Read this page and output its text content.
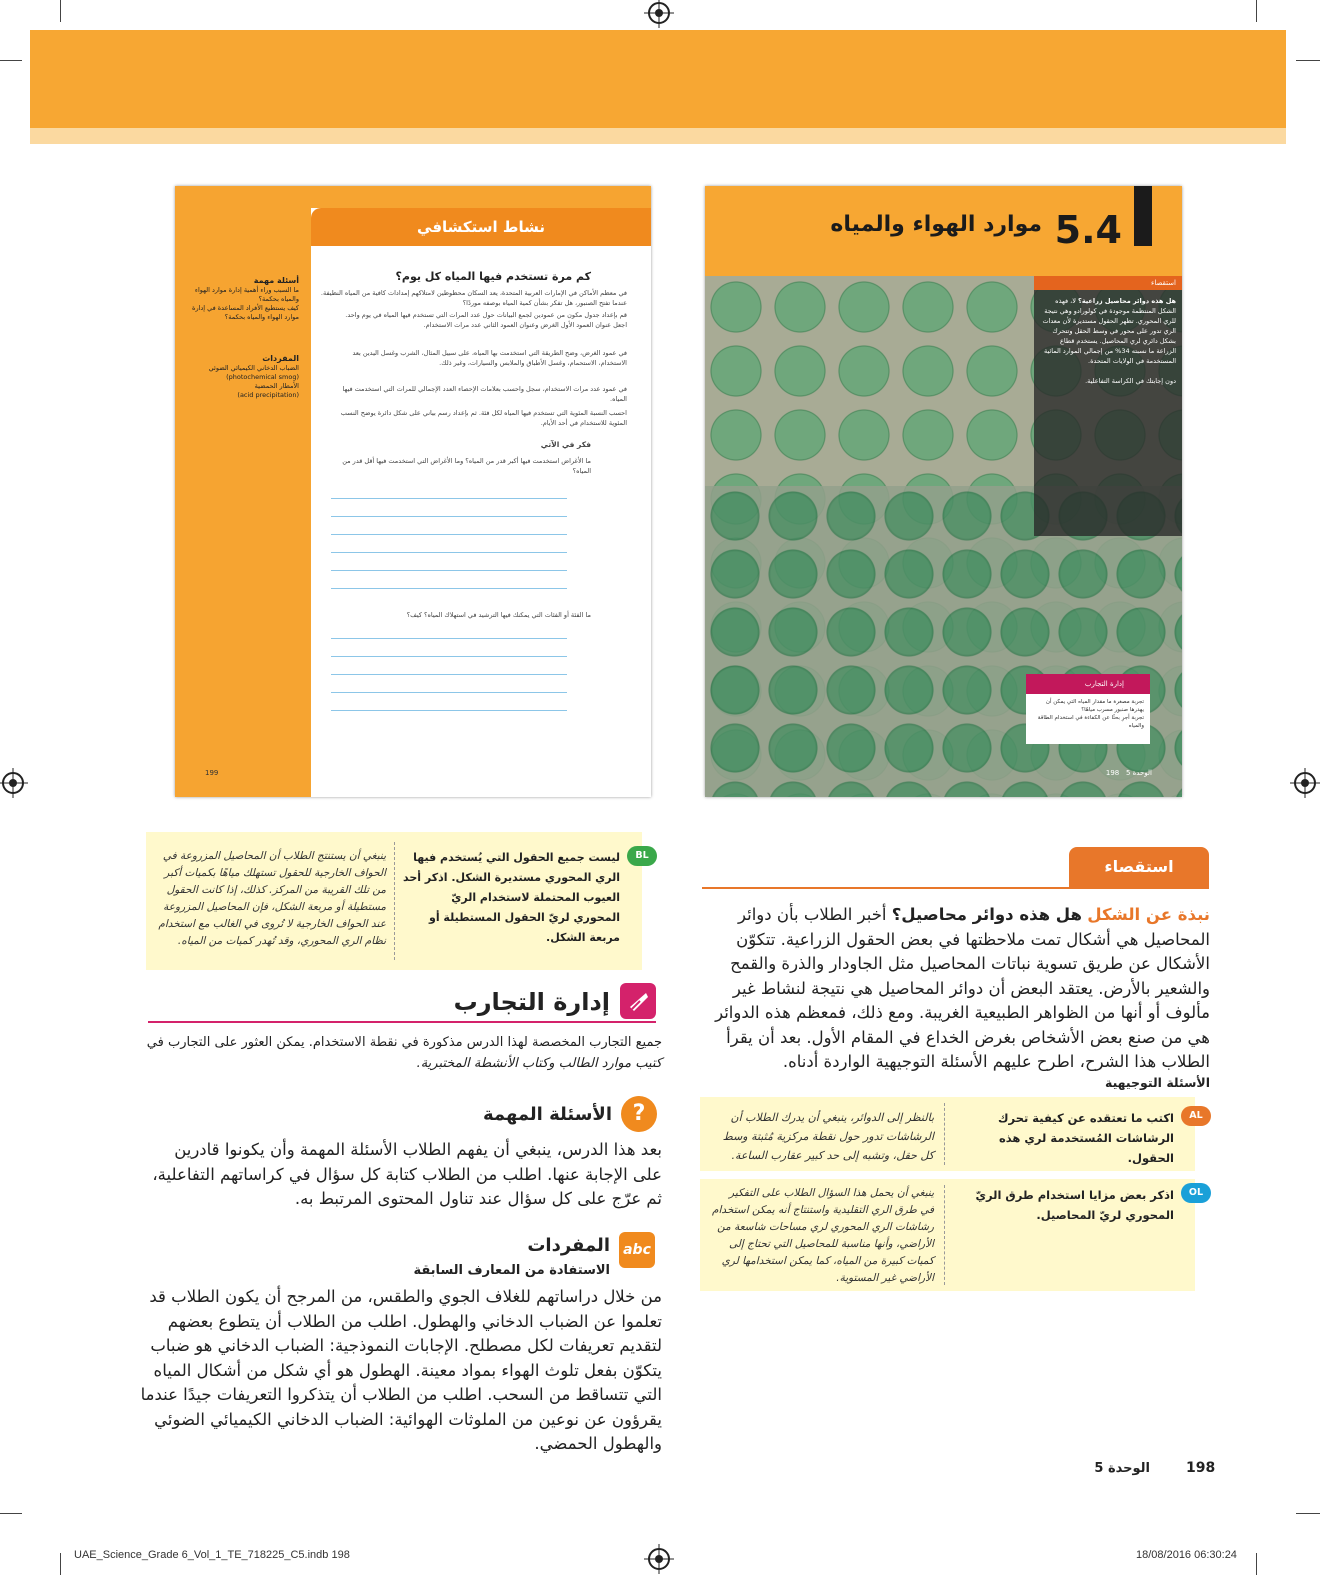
نشاط استكشافي
كم مرة تستخدم فيها المياه كل يوم؟
في معظم الأماكن في الإمارات العربية المتحدة، يعد السكان محظوظين لامتلاكهم إمدادات كافية من المياه النظيفة. عندما تفتح الصنبور، هل تفكر بشأن كمية المياه بوصفه موردًا؟
قم بإعداد جدول مكون من عمودين لجمع البيانات حول عدد المرات التي تستخدم فيها المياه في يوم واحد. اجعل عنوان العمود الأول الغرض وعنوان العمود الثاني عدد مرات الاستخدام.
في عمود الغرض، وضح الطريقة التي استخدمت بها المياه، على سبيل المثال، الشرب وغسل اليدين بعد الاستخدام، الاستحمام، وغسل الأطباق والملابس والسيارات، وغير ذلك.
في عمود عدد مرات الاستخدام، سجل واحسب بعلامات الإحصاء العدد الإجمالي للمرات التي استخدمت فيها المياه.
احسب النسبة المئوية التي تستخدم فيها المياه لكل فئة. ثم بإعداد رسم بياني على شكل دائرة يوضح النسب المئوية للاستخدام في أحد الأيام.
فكر في الآتي
ما الأغراض استخدمت فيها أكبر قدر من المياه؟ وما الأغراض التي استخدمت فيها أقل قدر من المياه؟
ما الفئة أو الفئات التي يمكنك فيها الترشيد في استهلاك المياه؟ كيف؟
أسئلة مهمة
ما السبب وراء أهمية إدارة موارد الهواء والمياه بحكمة؟
كيف يستطيع الأفراد المساعدة في إدارة موارد الهواء والمياه بحكمة؟
المفردات
الضباب الدخاني الكيميائي الضوئي
(photochemical smog)
الأمطار الحمضية
(acid precipitation)
199
5.4
موارد الهواء والمياه
استقصاء

هل هذه دوائر محاصيل زراعية؟ لا، فهذه الشكل المنتظمة موجودة في كولورادو وهي نتيجة للري المحوري. تظهر الحقول مستديرة لأن معدات الري تدور على محور في وسط الحقل وتتحرك بشكل دائري لري المحاصيل. يستخدم قطاع الزراعة ما نسبته 34% من إجمالي الموارد المائية المستخدمة في الولايات المتحدة.

دون إجابتك في الكراسة التفاعلية.

إدارة التجارب

تجربة مصغرة ما مقدار المياه التي يمكن أن يهدرها صنبور مسرب مياهًا؟
تجربة أجرِ بحثًا عن الكفاءة في استخدام الطاقة والمياه

الوحدة 5   198
استقصاء
نبذة عن الشكل هل هذه دوائر محاصيل؟ أخبر الطلاب بأن دوائر المحاصيل هي أشكال تمت ملاحظتها في بعض الحقول الزراعية. تتكوّن الأشكال عن طريق تسوية نباتات المحاصيل مثل الجاودار والذرة والقمح والشعير بالأرض. يعتقد البعض أن دوائر المحاصيل هي نتيجة لنشاط غير مألوف أو أنها من الظواهر الطبيعية الغريبة. ومع ذلك، فمعظم هذه الدوائر هي من صنع بعض الأشخاص بغرض الخداع في المقام الأول. بعد أن يقرأ الطلاب هذا الشرح، اطرح عليهم الأسئلة التوجيهية الواردة أدناه.
الأسئلة التوجيهية
AL
اكتب ما تعتقده عن كيفية تحرك الرشاشات المُستخدمة لري هذه الحقول.
بالنظر إلى الدوائر، ينبغي أن يدرك الطلاب أن الرشاشات تدور حول نقطة مركزية مُثبتة وسط كل حقل، وتشبه إلى حد كبير عقارب الساعة.
OL
اذكر بعض مزايا استخدام طرق الريّ المحوري لريّ المحاصيل.
ينبغي أن يحمل هذا السؤال الطلاب على التفكير في طرق الري التقليدية واستنتاج أنه يمكن استخدام رشاشات الري المحوري لري مساحات شاسعة من الأراضي، وأنها مناسبة للمحاصيل التي تحتاج إلى كميات كبيرة من المياه، كما يمكن استخدامها لري الأراضي غير المستوية.
BL
ليست جميع الحقول التي يُستخدم فيها الري المحوري مستديرة الشكل. اذكر أحد العيوب المحتملة لاستخدام الريّ المحوري لريّ الحقول المستطيلة أو مربعة الشكل.
ينبغي أن يستنتج الطلاب أن المحاصيل المزروعة في الحواف الخارجية للحقول تستهلك مياهًا بكميات أكبر من تلك القريبة من المركز. كذلك، إذا كانت الحقول مستطيلة أو مربعة الشكل، فإن المحاصيل المزروعة عند الحواف الخارجية لا تُروى في الغالب مع استخدام نظام الري المحوري، وقد تُهدر كميات من المياه.
إدارة التجارب
جميع التجارب المخصصة لهذا الدرس مذكورة في نقطة الاستخدام. يمكن العثور على التجارب في
كتيب موارد الطالب وكتاب الأنشطة المختبرية.
?
الأسئلة المهمة
بعد هذا الدرس، ينبغي أن يفهم الطلاب الأسئلة المهمة وأن يكونوا قادرين على الإجابة عنها. اطلب من الطلاب كتابة كل سؤال في كراساتهم التفاعلية، ثم عرّج على كل سؤال عند تناول المحتوى المرتبط به.
abc
المفردات
الاستفادة من المعارف السابقة
من خلال دراساتهم للغلاف الجوي والطقس، من المرجح أن يكون الطلاب قد تعلموا عن الضباب الدخاني والهطول. اطلب من الطلاب أن يتطوع بعضهم لتقديم تعريفات لكل مصطلح. الإجابات النموذجية: الضباب الدخاني هو ضباب يتكوّن بفعل تلوث الهواء بمواد معينة. الهطول هو أي شكل من أشكال المياه التي تتساقط من السحب. اطلب من الطلاب أن يتذكروا التعريفات جيدًا عندما يقرؤون عن نوعين من الملوثات الهوائية: الضباب الدخاني الكيميائي الضوئي والهطول الحمضي.
198
الوحدة 5
UAE_Science_Grade 6_Vol_1_TE_718225_C5.indb 198	18/08/2016 06:30:24
